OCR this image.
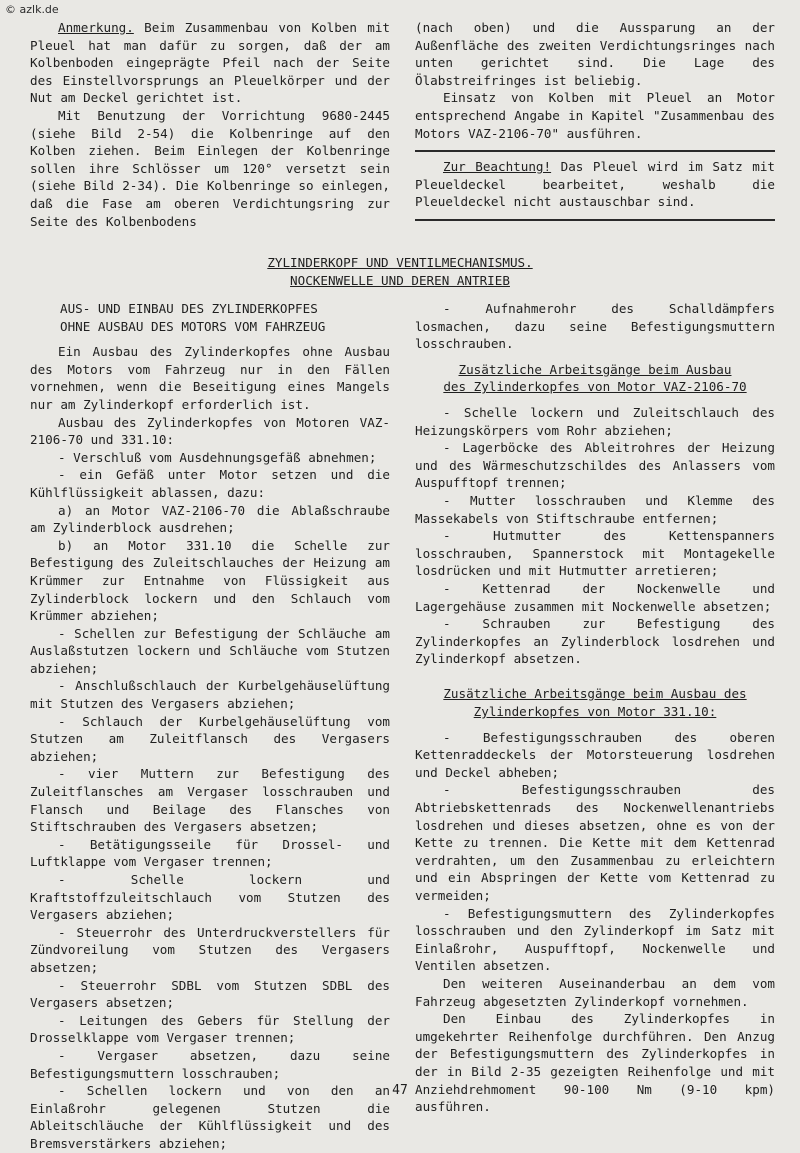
© azlk.de

Anmerkung. Beim Zusammenbau von Kolben mit Pleuel hat man dafür zu sorgen, daß der am Kolbenboden eingeprägte Pfeil nach der Seite des Einstellvorsprungs an Pleuelkörper und der Nut am Deckel gerichtet ist.

Mit Benutzung der Vorrichtung 9680-2445 (siehe Bild 2-54) die Kolbenringe auf den Kolben ziehen. Beim Einlegen der Kolbenringe sollen ihre Schlösser um 120° versetzt sein (siehe Bild 2-34). Die Kolbenringe so einlegen, daß die Fase am oberen Verdichtungsring zur Seite des Kolbenbodens

(nach oben) und die Aussparung an der Außenfläche des zweiten Verdichtungsringes nach unten gerichtet sind. Die Lage des Ölabstreifringes ist beliebig.

Einsatz von Kolben mit Pleuel an Motor entsprechend Angabe in Kapitel "Zusammenbau des Motors VAZ-2106-70" ausführen.

Zur Beachtung! Das Pleuel wird im Satz mit Pleueldeckel bearbeitet, weshalb die Pleueldeckel nicht austauschbar sind.

ZYLINDERKOPF UND VENTILMECHANISMUS.
NOCKENWELLE UND DEREN ANTRIEB
AUS- UND EINBAU DES ZYLINDERKOPFES
OHNE AUSBAU DES MOTORS VOM FAHRZEUG

Ein Ausbau des Zylinderkopfes ohne Ausbau des Motors vom Fahrzeug nur in den Fällen vornehmen, wenn die Beseitigung eines Mangels nur am Zylinderkopf erforderlich ist.

Ausbau des Zylinderkopfes von Motoren VAZ-2106-70 und 331.10:

- Verschluß vom Ausdehnungsgefäß abnehmen;

- ein Gefäß unter Motor setzen und die Kühlflüssigkeit ablassen, dazu:

a) an Motor VAZ-2106-70 die Ablaßschraube am Zylinderblock ausdrehen;

b) an Motor 331.10 die Schelle zur Befestigung des Zuleitschlauches der Heizung am Krümmer zur Entnahme von Flüssigkeit aus Zylinderblock lockern und den Schlauch vom Krümmer abziehen;

- Schellen zur Befestigung der Schläuche am Auslaßstutzen lockern und Schläuche vom Stutzen abziehen;

- Anschlußschlauch der Kurbelgehäuselüftung mit Stutzen des Vergasers abziehen;

- Schlauch der Kurbelgehäuselüftung vom Stutzen am Zuleitflansch des Vergasers abziehen;

- vier Muttern zur Befestigung des Zuleitflansches am Vergaser losschrauben und Flansch und Beilage des Flansches von Stiftschrauben des Vergasers absetzen;

- Betätigungsseile für Drossel- und Luftklappe vom Vergaser trennen;

- Schelle lockern und Kraftstoffzuleitschlauch vom Stutzen des Vergasers abziehen;

- Steuerrohr des Unterdruckverstellers für Zündvoreilung vom Stutzen des Vergasers absetzen;

- Steuerrohr SDBL vom Stutzen SDBL des Vergasers absetzen;

- Leitungen des Gebers für Stellung der Drosselklappe vom Vergaser trennen;

- Vergaser absetzen, dazu seine Befestigungsmuttern losschrauben;

- Schellen lockern und von den an Einlaßrohr gelegenen Stutzen die Ableitschläuche der Kühlflüssigkeit und des Bremsverstärkers abziehen;

- Aufnahmerohr des Schalldämpfers losmachen, dazu seine Befestigungsmuttern losschrauben.

Zusätzliche Arbeitsgänge beim Ausbau
des Zylinderkopfes von Motor VAZ-2106-70

- Schelle lockern und Zuleitschlauch des Heizungskörpers vom Rohr abziehen;

- Lagerböcke des Ableitrohres der Heizung und des Wärmeschutzschildes des Anlassers vom Auspufftopf trennen;

- Mutter losschrauben und Klemme des Massekabels von Stiftschraube entfernen;

- Hutmutter des Kettenspanners losschrauben, Spannerstock mit Montagekelle losdrücken und mit Hutmutter arretieren;

- Kettenrad der Nockenwelle und Lagergehäuse zusammen mit Nockenwelle absetzen;

- Schrauben zur Befestigung des Zylinderkopfes an Zylinderblock losdrehen und Zylinderkopf absetzen.

Zusätzliche Arbeitsgänge beim Ausbau des
Zylinderkopfes von Motor 331.10:

- Befestigungsschrauben des oberen Kettenraddeckels der Motorsteuerung losdrehen und Deckel abheben;

- Befestigungsschrauben des Abtriebskettenrads des Nockenwellenantriebs losdrehen und dieses absetzen, ohne es von der Kette zu trennen. Die Kette mit dem Kettenrad verdrahten, um den Zusammenbau zu erleichtern und ein Abspringen der Kette vom Kettenrad zu vermeiden;

- Befestigungsmuttern des Zylinderkopfes losschrauben und den Zylinderkopf im Satz mit Einlaßrohr, Auspufftopf, Nockenwelle und Ventilen absetzen.

Den weiteren Auseinanderbau an dem vom Fahrzeug abgesetzten Zylinderkopf vornehmen.

Den Einbau des Zylinderkopfes in umgekehrter Reihenfolge durchführen. Den Anzug der Befestigungsmuttern des Zylinderkopfes in der in Bild 2-35 gezeigten Reihenfolge und mit Anziehdrehmoment 90-100 Nm (9-10 kpm) ausführen.

47
